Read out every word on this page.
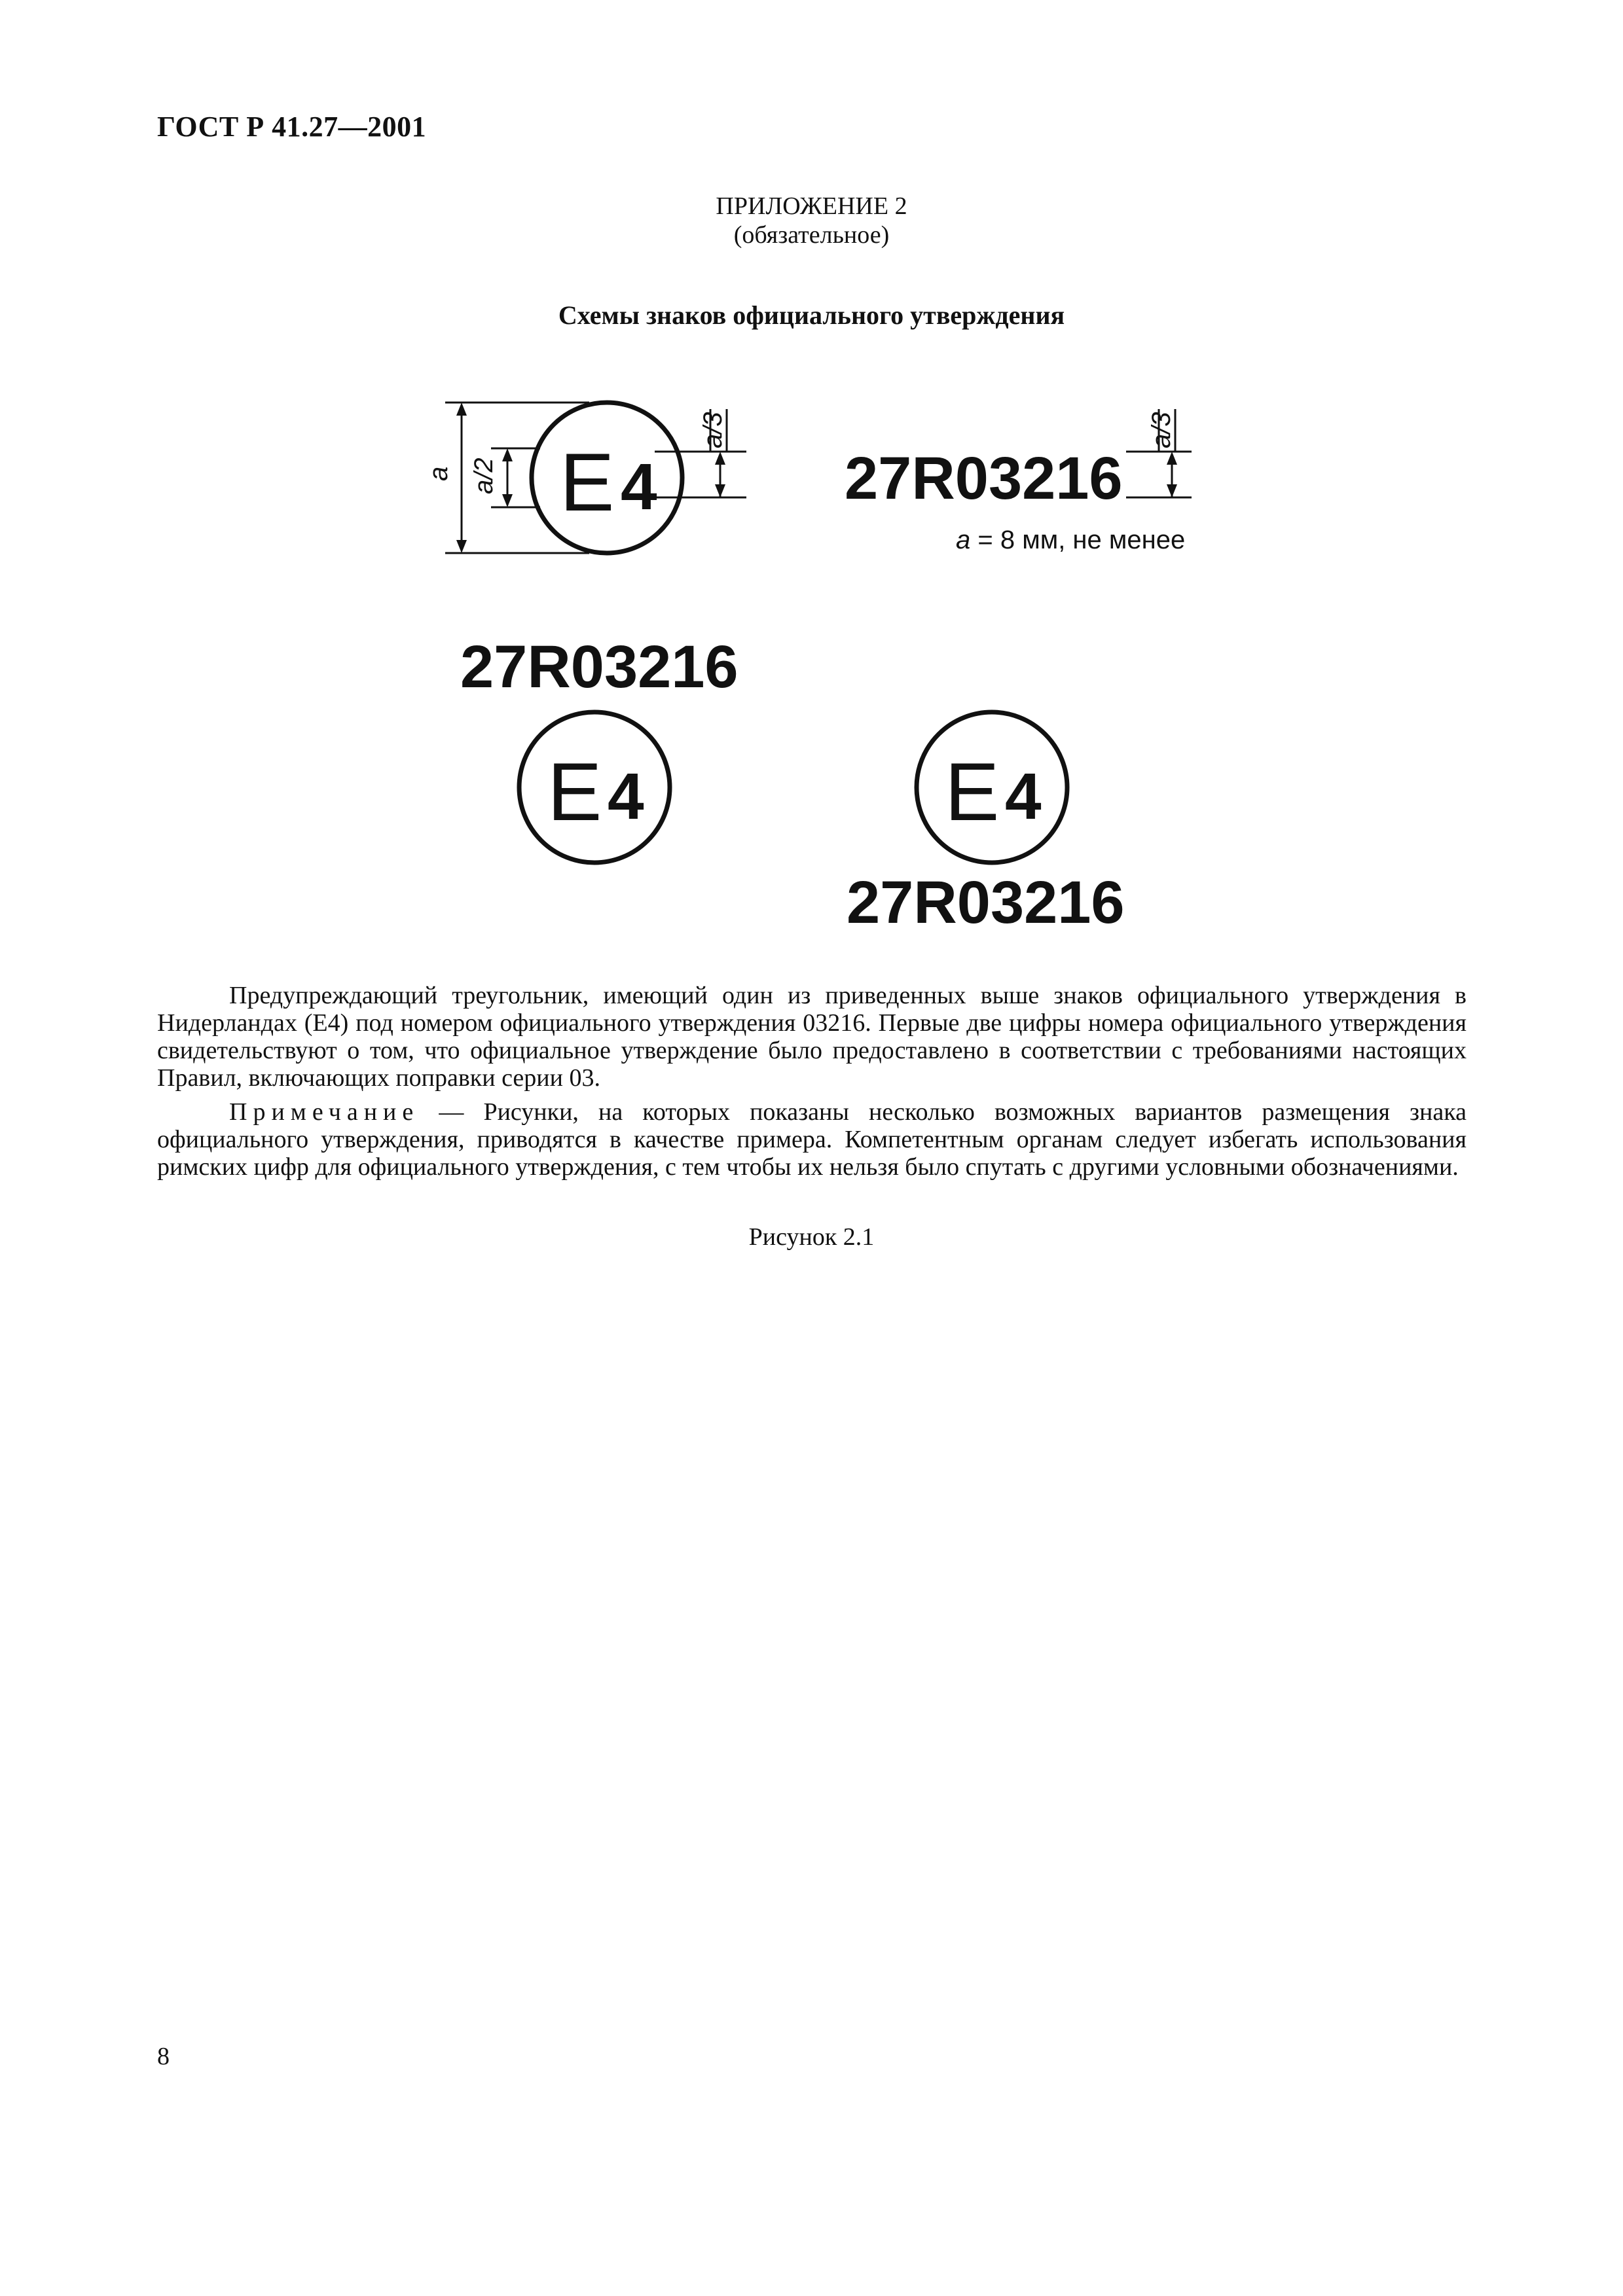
ГОСТ Р 41.27—2001
ПРИЛОЖЕНИЕ 2
(обязательное)
Схемы знаков официального утверждения
E 4
a a/2
a/3	a/3
27R03216
a = 8 мм, не менее
27R03216
E 4	E 4
27R03216

Предупреждающий треугольник, имеющий один из приведенных выше знаков официального утверждения в Нидерландах (E4) под номером официального утверждения 03216. Первые две цифры номера официального утверждения свидетельствуют о том, что официальное утверждение было предоставлено в соответствии с требованиями настоящих Правил, включающих поправки серии 03.

Примечание — Рисунки, на которых показаны несколько возможных вариантов размещения знака официального утверждения, приводятся в качестве примера. Компетентным органам следует избегать использования римских цифр для официального утверждения, с тем чтобы их нельзя было спутать с другими условными обозначениями.

Рисунок 2.1
8
